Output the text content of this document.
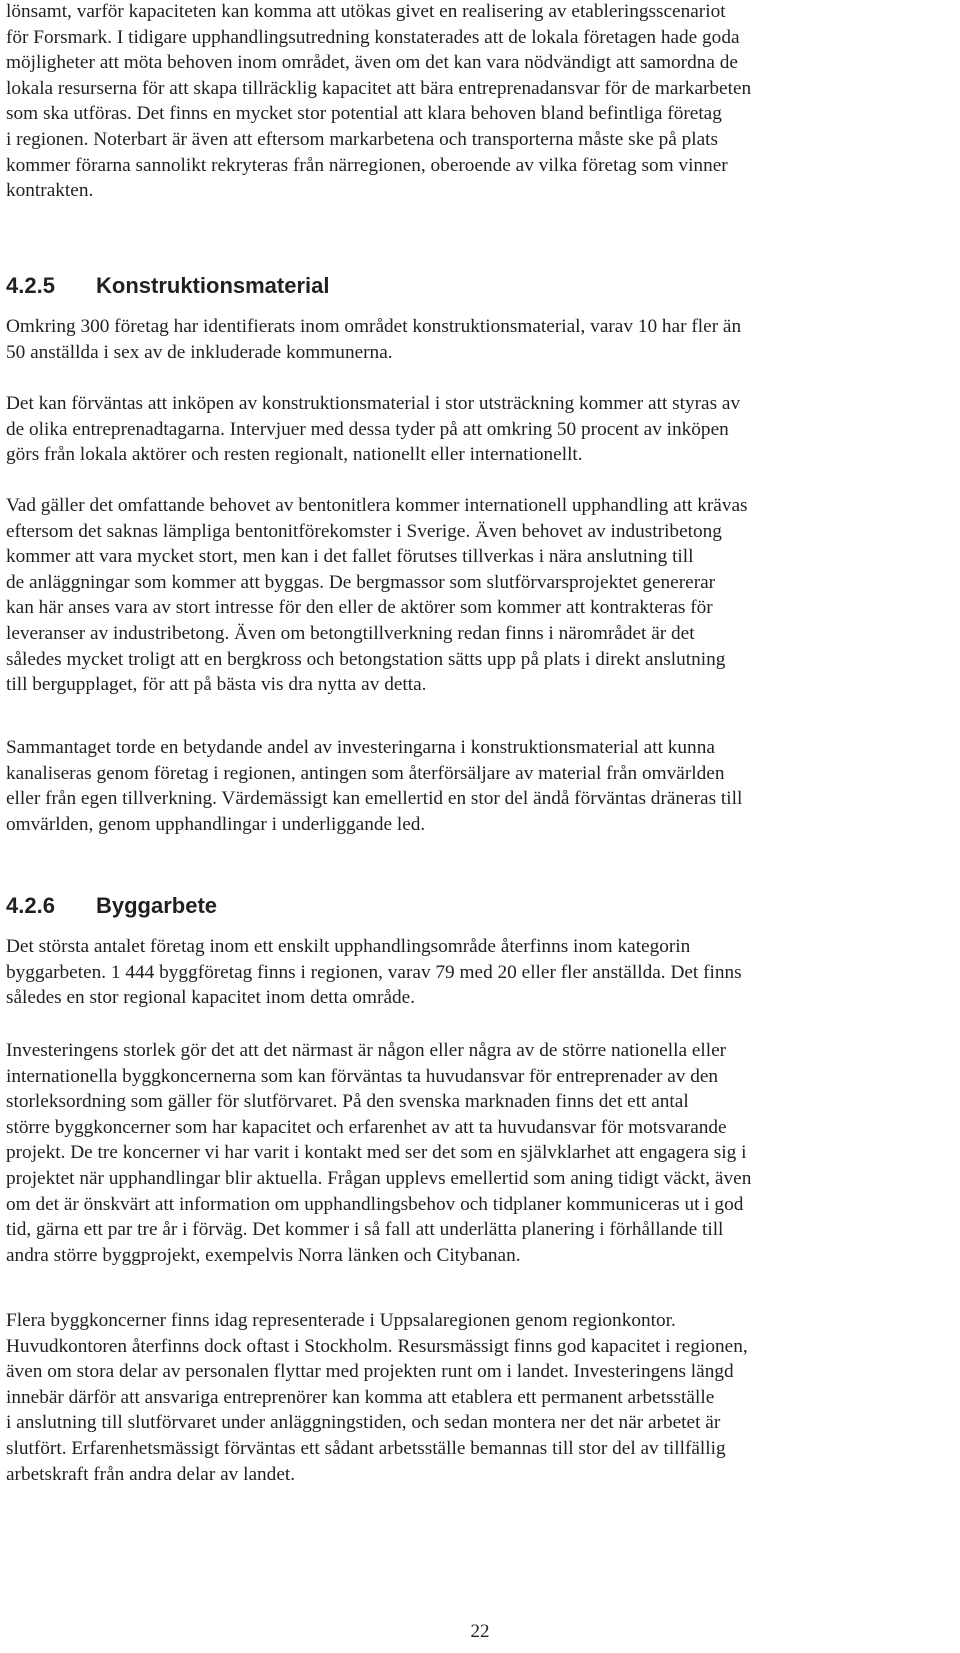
lönsamt, varför kapaciteten kan komma att utökas givet en realisering av etableringsscenariot
för Forsmark. I tidigare upphandlingsutredning konstaterades att de lokala företagen hade goda
möjligheter att möta behoven inom området, även om det kan vara nödvändigt att samordna de
lokala resurserna för att skapa tillräcklig kapacitet att bära entreprenadansvar för de markarbeten
som ska utföras. Det finns en mycket stor potential att klara behoven bland befintliga företag
i regionen. Noterbart är även att eftersom markarbetena och transporterna måste ske på plats
kommer förarna sannolikt rekryteras från närregionen, oberoende av vilka företag som vinner
kontrakten.

4.2.5 Konstruktionsmaterial

Omkring 300 företag har identifierats inom området konstruktionsmaterial, varav 10 har fler än
50 anställda i sex av de inkluderade kommunerna.

Det kan förväntas att inköpen av konstruktionsmaterial i stor utsträckning kommer att styras av
de olika entreprenadtagarna. Intervjuer med dessa tyder på att omkring 50 procent av inköpen
görs från lokala aktörer och resten regionalt, nationellt eller internationellt.

Vad gäller det omfattande behovet av bentonitlera kommer internationell upphandling att krävas
eftersom det saknas lämpliga bentonitförekomster i Sverige. Även behovet av industribetong
kommer att vara mycket stort, men kan i det fallet förutses tillverkas i nära anslutning till
de anläggningar som kommer att byggas. De bergmassor som slutförvarsprojektet genererar
kan här anses vara av stort intresse för den eller de aktörer som kommer att kontrakteras för
leveranser av industribetong. Även om betongtillverkning redan finns i närområdet är det
således mycket troligt att en bergkross och betongstation sätts upp på plats i direkt anslutning
till bergupplaget, för att på bästa vis dra nytta av detta.

Sammantaget torde en betydande andel av investeringarna i konstruktionsmaterial att kunna
kanaliseras genom företag i regionen, antingen som återförsäljare av material från omvärlden
eller från egen tillverkning. Värdemässigt kan emellertid en stor del ändå förväntas dräneras till
omvärlden, genom upphandlingar i underliggande led.

4.2.6 Byggarbete

Det största antalet företag inom ett enskilt upphandlingsområde återfinns inom kategorin
byggarbeten. 1 444 byggföretag finns i regionen, varav 79 med 20 eller fler anställda. Det finns
således en stor regional kapacitet inom detta område.

Investeringens storlek gör det att det närmast är någon eller några av de större nationella eller
internationella byggkoncernerna som kan förväntas ta huvudansvar för entreprenader av den
storleksordning som gäller för slutförvaret. På den svenska marknaden finns det ett antal
större byggkoncerner som har kapacitet och erfarenhet av att ta huvudansvar för motsvarande
projekt. De tre koncerner vi har varit i kontakt med ser det som en självklarhet att engagera sig i
projektet när upphandlingar blir aktuella. Frågan upplevs emellertid som aning tidigt väckt, även
om det är önskvärt att information om upphandlingsbehov och tidplaner kommuniceras ut i god
tid, gärna ett par tre år i förväg. Det kommer i så fall att underlätta planering i förhållande till
andra större byggprojekt, exempelvis Norra länken och Citybanan.

Flera byggkoncerner finns idag representerade i Uppsalaregionen genom regionkontor.
Huvudkontoren återfinns dock oftast i Stockholm. Resursmässigt finns god kapacitet i regionen,
även om stora delar av personalen flyttar med projekten runt om i landet. Investeringens längd
innebär därför att ansvariga entreprenörer kan komma att etablera ett permanent arbetsställe
i anslutning till slutförvaret under anläggningstiden, och sedan montera ner det när arbetet är
slutfört. Erfarenhetsmässigt förväntas ett sådant arbetsställe bemannas till stor del av tillfällig
arbetskraft från andra delar av landet.

22
